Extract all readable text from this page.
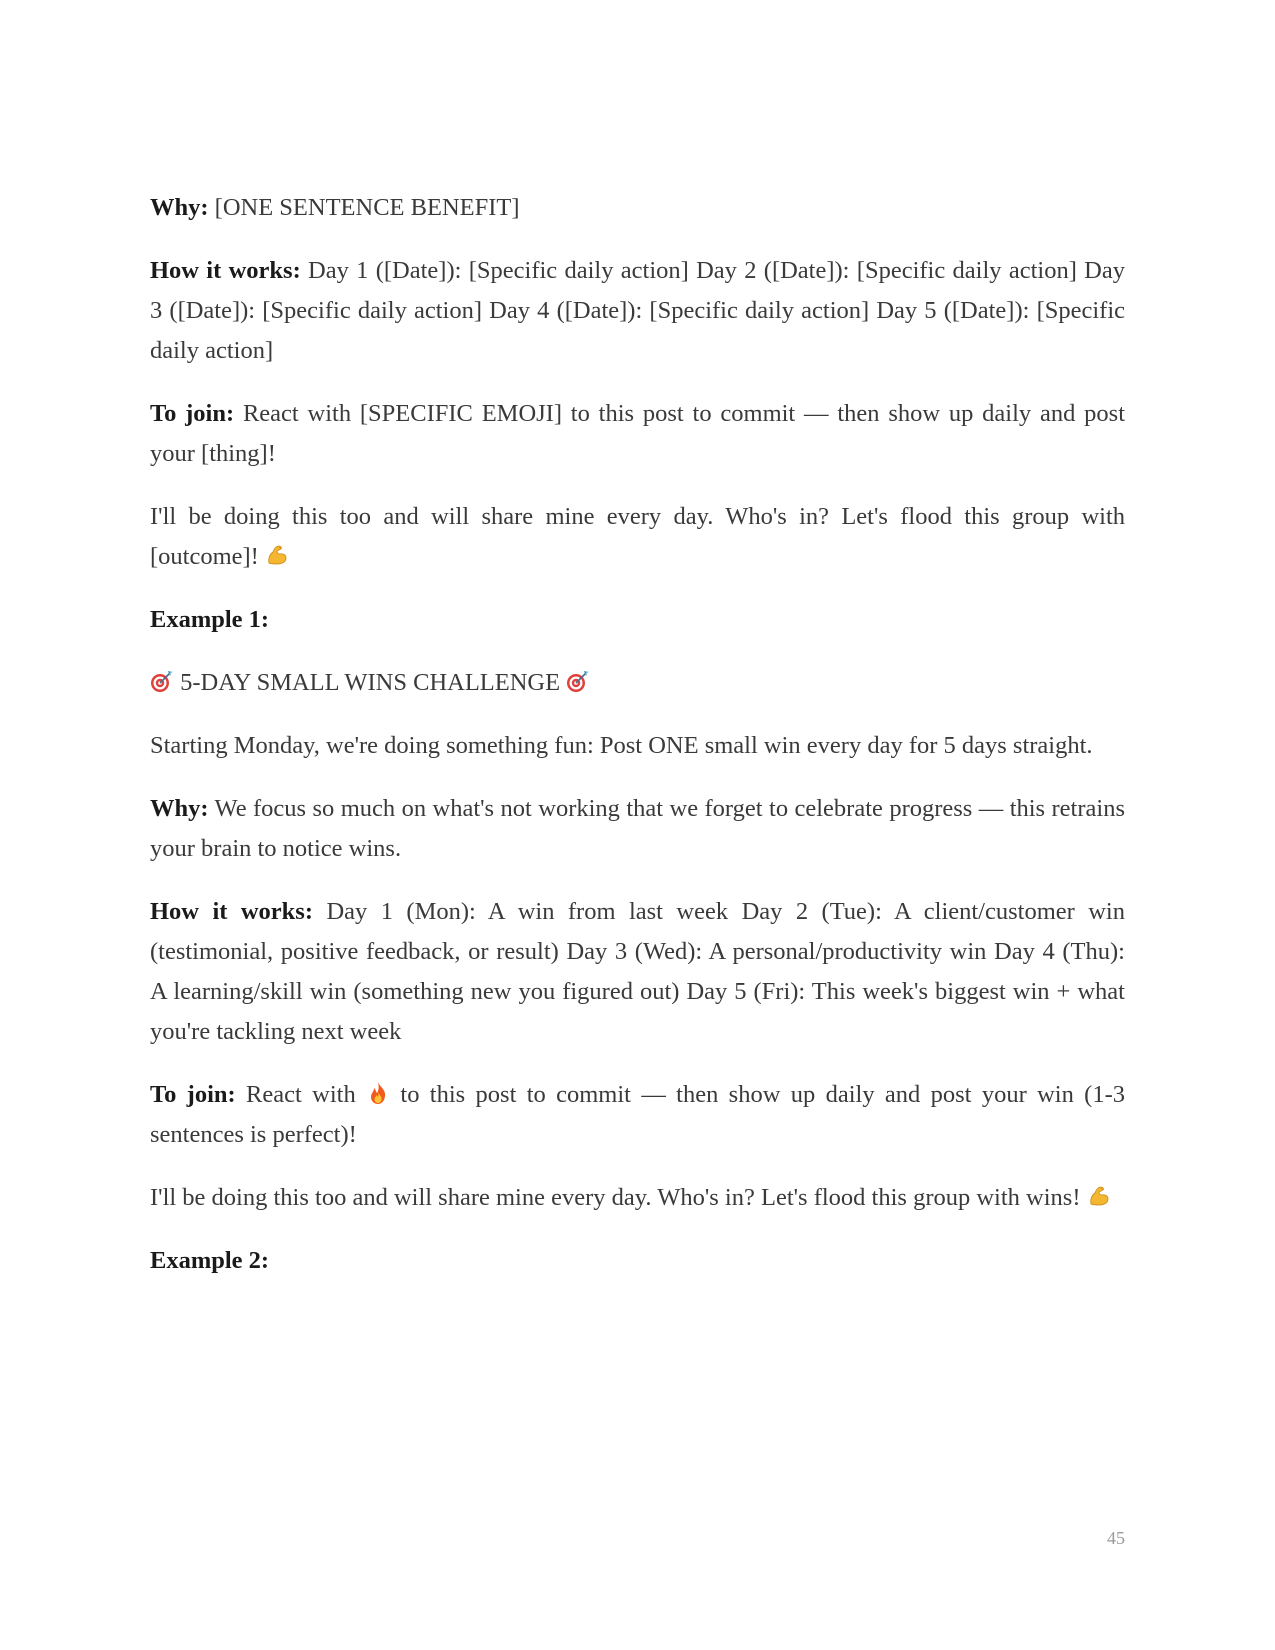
Why: [ONE SENTENCE BENEFIT]

How it works: Day 1 ([Date]): [Specific daily action] Day 2 ([Date]): [Specific daily action] Day 3 ([Date]): [Specific daily action] Day 4 ([Date]): [Specific daily action] Day 5 ([Date]): [Specific daily action]

To join: React with [SPECIFIC EMOJI] to this post to commit — then show up daily and post your [thing]!

I'll be doing this too and will share mine every day. Who's in? Let's flood this group with [outcome]!

Example 1:

5-DAY SMALL WINS CHALLENGE

Starting Monday, we're doing something fun: Post ONE small win every day for 5 days straight.

Why: We focus so much on what's not working that we forget to celebrate progress — this retrains your brain to notice wins.

How it works: Day 1 (Mon): A win from last week Day 2 (Tue): A client/customer win (testimonial, positive feedback, or result) Day 3 (Wed): A personal/productivity win Day 4 (Thu): A learning/skill win (something new you figured out) Day 5 (Fri): This week's biggest win + what you're tackling next week

To join: React with  to this post to commit — then show up daily and post your win (1-3 sentences is perfect)!

I'll be doing this too and will share mine every day. Who's in? Let's flood this group with wins!

Example 2:

45
